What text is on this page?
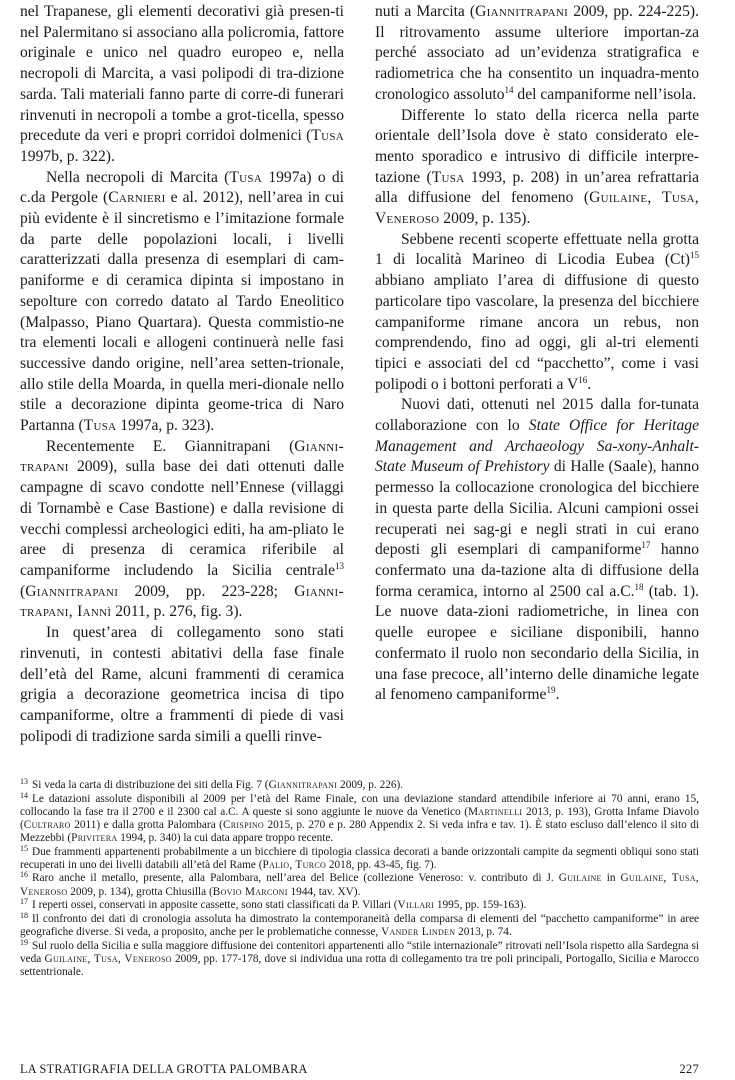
nel Trapanese, gli elementi decorativi già presen-ti nel Palermitano si associano alla policromia, fattore originale e unico nel quadro europeo e, nella necropoli di Marcita, a vasi polipodi di tra-dizione sarda. Tali materiali fanno parte di corre-di funerari rinvenuti in necropoli a tombe a grot-ticella, spesso precedute da veri e propri corridoi dolmenici (Tusa 1997b, p. 322).

Nella necropoli di Marcita (Tusa 1997a) o di c.da Pergole (Carnieri e al. 2012), nell’area in cui più evidente è il sincretismo e l’imitazione formale da parte delle popolazioni locali, i livelli caratterizzati dalla presenza di esemplari di cam-paniforme e di ceramica dipinta si impostano in sepolture con corredo datato al Tardo Eneolitico (Malpasso, Piano Quartara). Questa commistio-ne tra elementi locali e allogeni continuerà nelle fasi successive dando origine, nell’area setten-trionale, allo stile della Moarda, in quella meri-dionale nello stile a decorazione dipinta geome-trica di Naro Partanna (Tusa 1997a, p. 323).

Recentemente E. Giannitrapani (Gianni-trapani 2009), sulla base dei dati ottenuti dalle campagne di scavo condotte nell’Ennese (villaggi di Tornambè e Case Bastione) e dalla revisione di vecchi complessi archeologici editi, ha am-pliato le aree di presenza di ceramica riferibile al campaniforme includendo la Sicilia centrale$^{13}$ (Giannitrapani 2009, pp. 223-228; Gianni-trapani, Iannì 2011, p. 276, fig. 3).

In quest’area di collegamento sono stati rinvenuti, in contesti abitativi della fase finale dell’età del Rame, alcuni frammenti di ceramica grigia a decorazione geometrica incisa di tipo campaniforme, oltre a frammenti di piede di vasi polipodi di tradizione sarda simili a quelli rinve-

nuti a Marcita (Giannitrapani 2009, pp. 224-225). Il ritrovamento assume ulteriore importan-za perché associato ad un’evidenza stratigrafica e radiometrica che ha consentito un inquadra-mento cronologico assoluto$^{14}$ del campaniforme nell’isola.

Differente lo stato della ricerca nella parte orientale dell’Isola dove è stato considerato ele-mento sporadico e intrusivo di difficile interpre-tazione (Tusa 1993, p. 208) in un’area refrattaria alla diffusione del fenomeno (Guilaine, Tusa, Veneroso 2009, p. 135).

Sebbene recenti scoperte effettuate nella grotta 1 di località Marineo di Licodia Eubea $(Ct)^{15}$ abbiano ampliato l’area di diffusione di questo particolare tipo vascolare, la presenza del bicchiere campaniforme rimane ancora un rebus, non comprendendo, fino ad oggi, gli al-tri elementi tipici e associati del cd “pacchetto”, come i vasi polipodi o i bottoni perforati a $V^{16}$.

Nuovi dati, ottenuti nel 2015 dalla for-tunata collaborazione con lo State Office for Heritage Management and Archaeology Sa-xony-Anhalt-State Museum of Prehistory di Halle (Saale), hanno permesso la collocazione cronologica del bicchiere in questa parte della Sicilia. Alcuni campioni ossei recuperati nei sag-gi e negli strati in cui erano deposti gli esemplari di campaniforme$^{17}$ hanno confermato una da-tazione alta di diffusione della forma ceramica, intorno al 2500 cal a.C.$^{18}$ (tab. 1). Le nuove data-zioni radiometriche, in linea con quelle europee e siciliane disponibili, hanno confermato il ruolo non secondario della Sicilia, in una fase precoce, all’interno delle dinamiche legate al fenomeno campaniforme$^{19}$.

$^{13}$ Si veda la carta di distribuzione dei siti della Fig. 7 (Giannitrapani 2009, p. 226).

$^{14}$ Le datazioni assolute disponibili al 2009 per l’età del Rame Finale, con una deviazione standard attendibile inferiore ai 70 anni, erano 15, collocando la fase tra il 2700 e il 2300 cal a.C. A queste si sono aggiunte le nuove da Venetico (Martinelli 2013, p. 193), Grotta Infame Diavolo (Cultraro 2011) e dalla grotta Palombara (Crispino 2015, p. 270 e p. 280 Appendix 2. Si veda infra e tav. 1). È stato escluso dall’elenco il sito di Mezzebbi (Privitera 1994, p. 340) la cui data appare troppo recente.

$^{15}$ Due frammenti appartenenti probabilmente a un bicchiere di tipologia classica decorati a bande orizzontali campite da segmenti obliqui sono stati recuperati in uno dei livelli databili all’età del Rame (Palio, Turco 2018, pp. 43-45, fig. 7).

$^{16}$ Raro anche il metallo, presente, alla Palombara, nell’area del Belice (collezione Veneroso: v. contributo di J. Guilaine in Guilaine, Tusa, Veneroso 2009, p. 134), grotta Chiusilla (Bovio Marconi 1944, tav. XV).

$^{17}$ I reperti ossei, conservati in apposite cassette, sono stati classificati da P. Villari (Villari 1995, pp. 159-163).

$^{18}$ Il confronto dei dati di cronologia assoluta ha dimostrato la contemporaneità della comparsa di elementi del “pacchetto campaniforme” in aree geografiche diverse. Si veda, a proposito, anche per le problematiche connesse, Vander Linden 2013, p. 74.

$^{19}$ Sul ruolo della Sicilia e sulla maggiore diffusione dei contenitori appartenenti allo “stile internazionale” ritrovati nell’Isola rispetto alla Sardegna si veda Guilaine, Tusa, Veneroso 2009, pp. 177-178, dove si individua una rotta di collegamento tra tre poli principali, Portogallo, Sicilia e Marocco settentrionale.

LA STRATIGRAFIA DELLA GROTTA PALOMBARA	227
